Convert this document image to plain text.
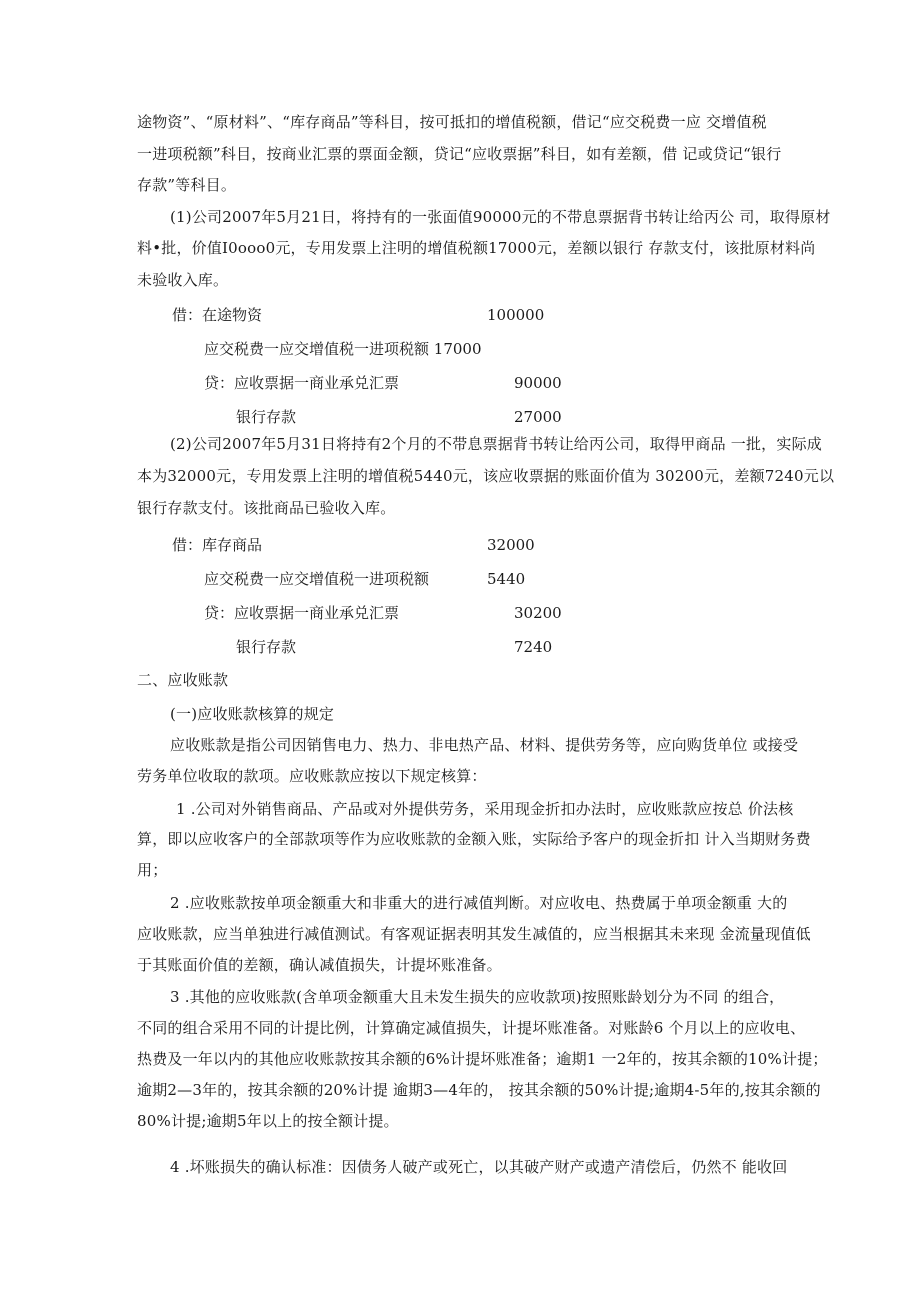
途物资”、“原材料”、“库存商品”等科目，按可抵扣的增值税额，借记“应交税费一应 交增值税
一进项税额”科目，按商业汇票的票面金额，贷记“应收票据”科目，如有差额，借 记或贷记“银行
存款”等科目。
(1)公司2007年5月21日，将持有的一张面值90000元的不带息票据背书转让给丙公 司，取得原材
料•批，价值I0ooo0元，专用发票上注明的增值税额17000元，差额以银行 存款支付，该批原材料尚
未验收入库。
借：在途物资	100000
应交税费一应交增值税一进项税额 17000
贷：应收票据一商业承兑汇票	90000
银行存款	27000
(2)公司2007年5月31日将持有2个月的不带息票据背书转让给丙公司，取得甲商品 一批，实际成
本为32000元，专用发票上注明的增值税5440元，该应收票据的账面价值为 30200元，差额7240元以
银行存款支付。该批商品已验收入库。
借：库存商品	32000
应交税费一应交增值税一进项税额	5440
贷：应收票据一商业承兑汇票	30200
银行存款	7240
二、应收账款
(一)应收账款核算的规定
应收账款是指公司因销售电力、热力、非电热产品、材料、提供劳务等，应向购货单位 或接受
劳务单位收取的款项。应收账款应按以下规定核算：
1 .公司对外销售商品、产品或对外提供劳务，采用现金折扣办法时，应收账款应按总 价法核
算，即以应收客户的全部款项等作为应收账款的金额入账，实际给予客户的现金折扣 计入当期财务费
用；
2 .应收账款按单项金额重大和非重大的进行减值判断。对应收电、热费属于单项金额重 大的
应收账款，应当单独进行减值测试。有客观证据表明其发生减值的，应当根据其未来现 金流量现值低
于其账面价值的差额，确认减值损失，计提坏账准备。
3 .其他的应收账款(含单项金额重大且未发生损失的应收款项)按照账龄划分为不同 的组合，
不同的组合采用不同的计提比例，计算确定减值损失，计提坏账准备。对账龄6 个月以上的应收电、
热费及一年以内的其他应收账款按其余额的6%计提坏账准备；逾期1 一2年的，按其余额的10%计提；
逾期2—3年的，按其余额的20%计提 逾期3—4年的， 按其余额的50%计提;逾期4-5年的,按其余额的
80%计提;逾期5年以上的按全额计提。
4 .坏账损失的确认标准：因债务人破产或死亡，以其破产财产或遗产清偿后，仍然不 能收回
